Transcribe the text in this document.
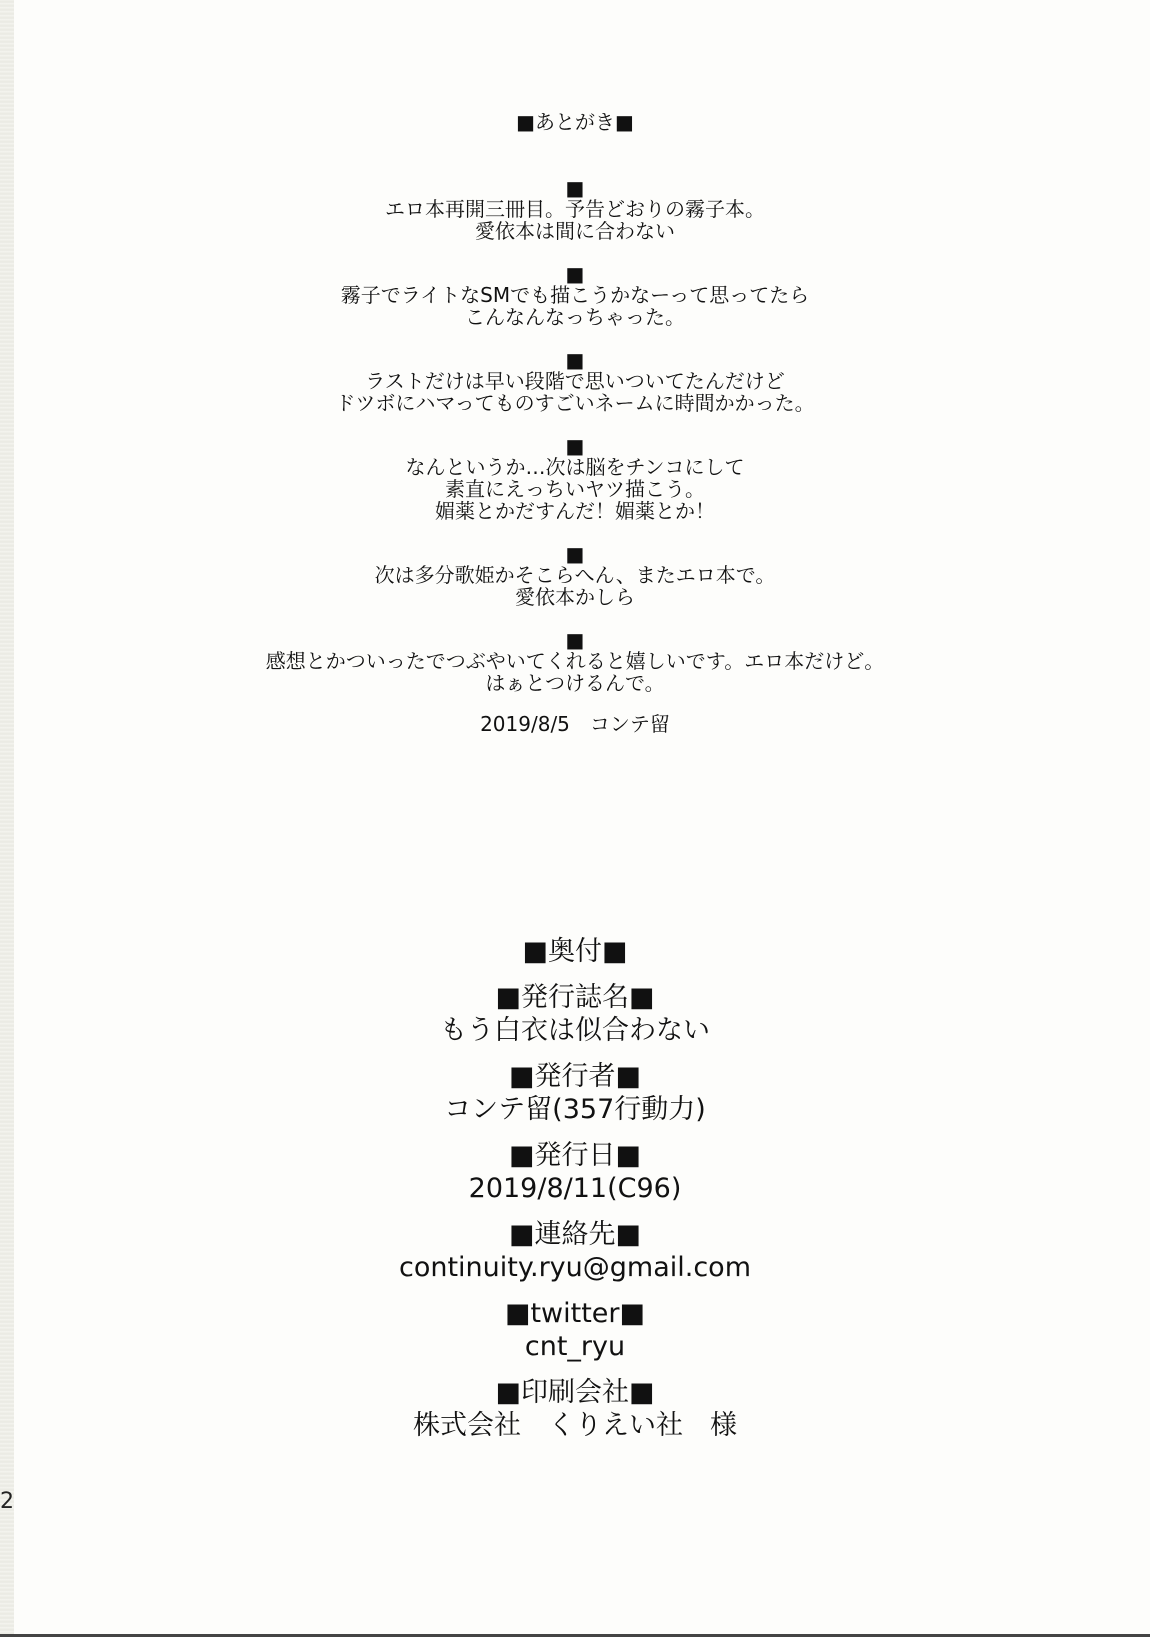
2
■あとがき■
■
エロ本再開三冊目。予告どおりの霧子本。
愛依本は間に合わない
■
霧子でライトなSMでも描こうかなーって思ってたら
こんなんなっちゃった。
■
ラストだけは早い段階で思いついてたんだけど
ドツボにハマってものすごいネームに時間かかった。
■
なんというか…次は脳をチンコにして
素直にえっちいヤツ描こう。
媚薬とかだすんだ！媚薬とか！
■
次は多分歌姫かそこらへん、またエロ本で。
愛依本かしら
■
感想とかついったでつぶやいてくれると嬉しいです。エロ本だけど。
はぁとつけるんで。
2019/8/5　コンテ留
■奥付■
■発行誌名■
もう白衣は似合わない
■発行者■
コンテ留(357行動力)
■発行日■
2019/8/11(C96)
■連絡先■
continuity.ryu@gmail.com
■twitter■
cnt_ryu
■印刷会社■
株式会社　くりえい社　様
